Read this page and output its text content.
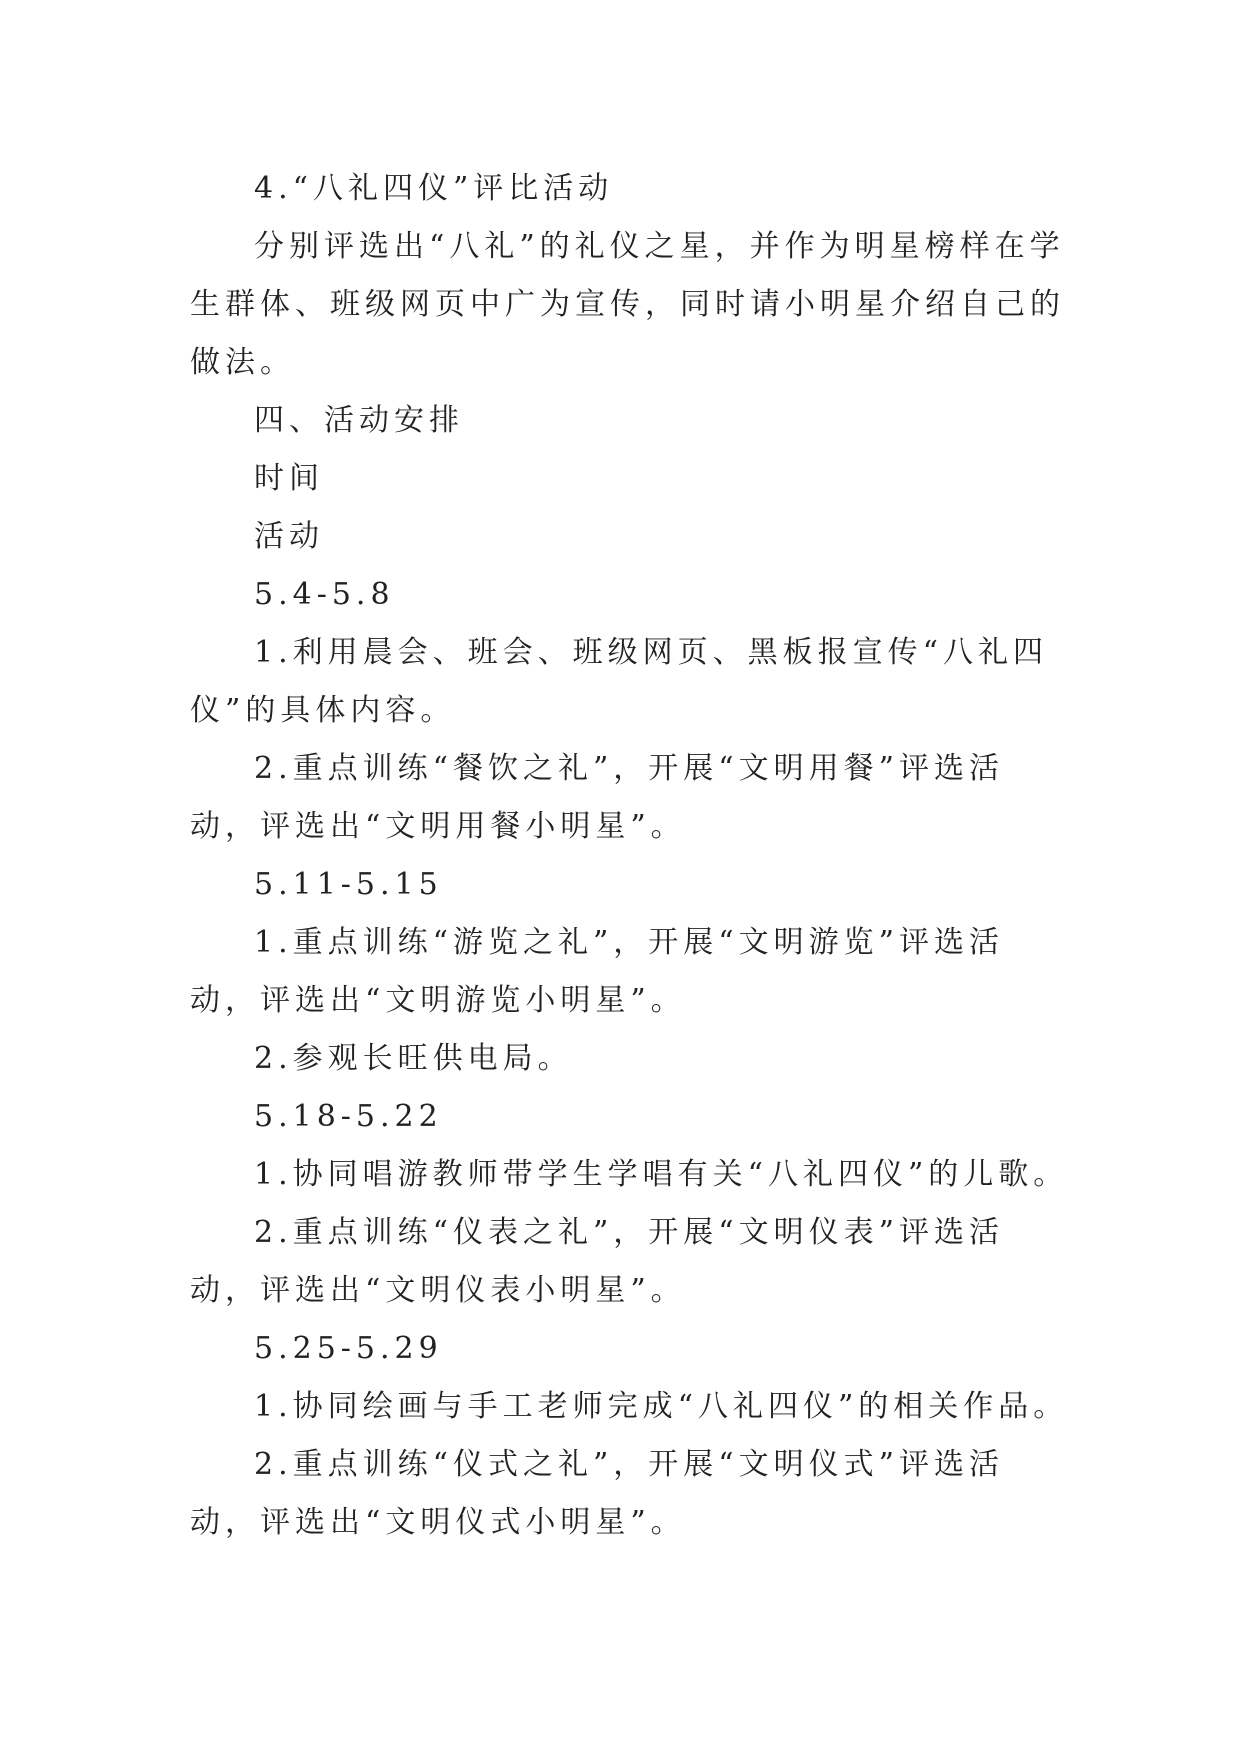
4.“八礼四仪”评比活动

分别评选出“八礼”的礼仪之星，并作为明星榜样在学生群体、班级网页中广为宣传，同时请小明星介绍自己的做法。

四、活动安排

时间

活动

5.4-5.8

1.利用晨会、班会、班级网页、黑板报宣传“八礼四仪”的具体内容。

2.重点训练“餐饮之礼”，开展“文明用餐”评选活动，评选出“文明用餐小明星”。

5.11-5.15

1.重点训练“游览之礼”，开展“文明游览”评选活动，评选出“文明游览小明星”。

2.参观长旺供电局。

5.18-5.22

1.协同唱游教师带学生学唱有关“八礼四仪”的儿歌。

2.重点训练“仪表之礼”，开展“文明仪表”评选活动，评选出“文明仪表小明星”。

5.25-5.29

1.协同绘画与手工老师完成“八礼四仪”的相关作品。

2.重点训练“仪式之礼”，开展“文明仪式”评选活动，评选出“文明仪式小明星”。
